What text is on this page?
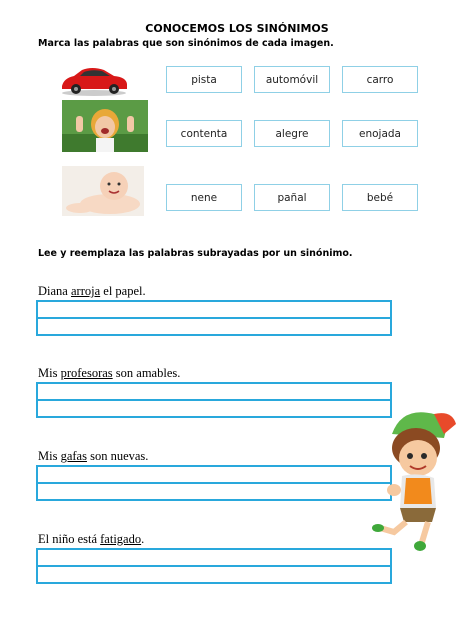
CONOCEMOS LOS SINÓNIMOS
Marca las palabras que son sinónimos de cada imagen.
pista	automóvil	carro
contenta	alegre	enojada
nene	pañal	bebé
Lee y reemplaza las palabras subrayadas por un sinónimo.
Diana arroja el papel.
Mis profesoras son amables.
Mis gafas son nuevas.
El niño está fatigado.
